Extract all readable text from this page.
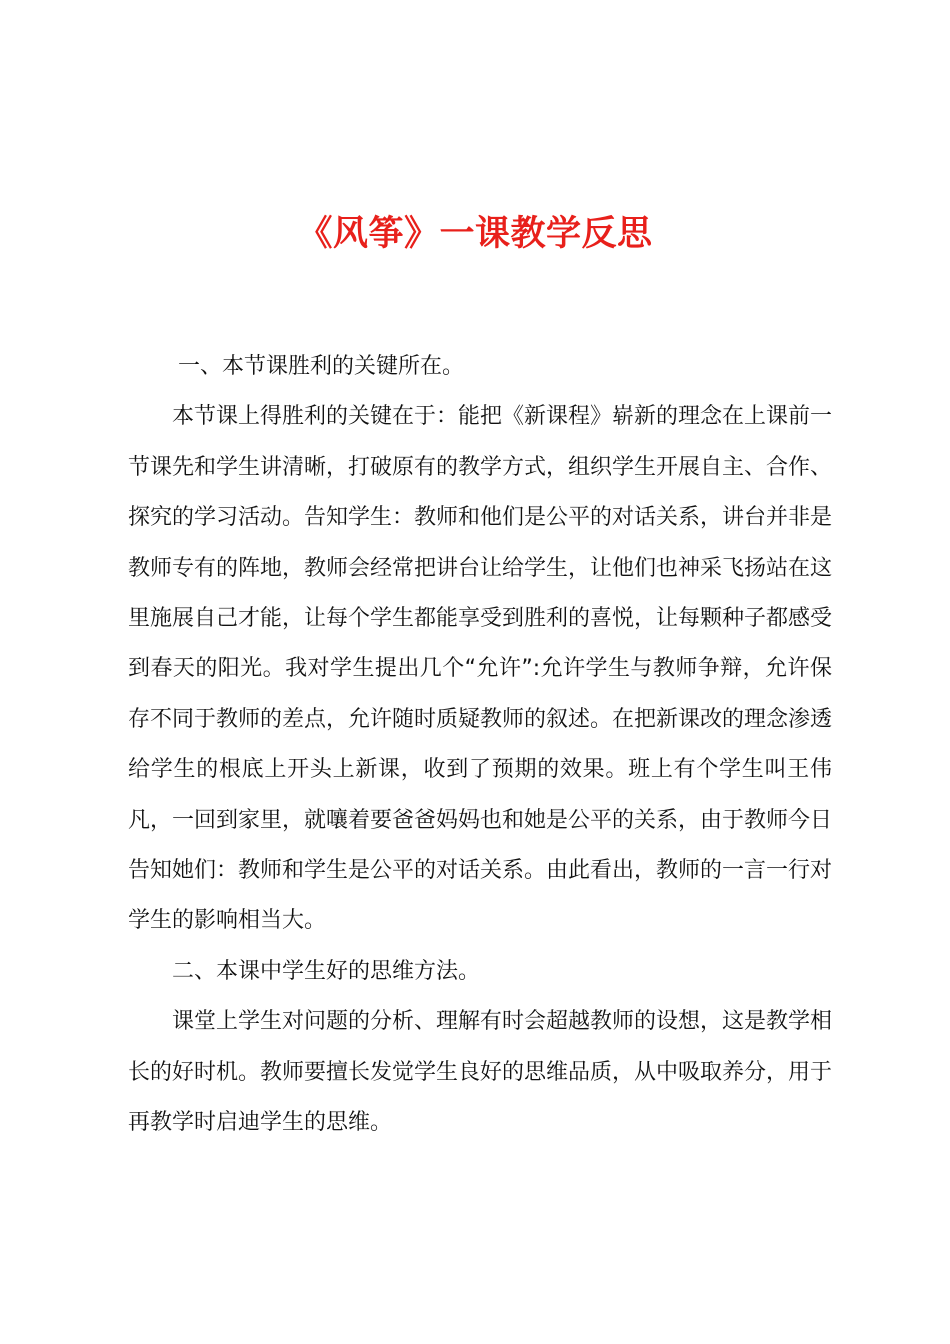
《风筝》一课教学反思

一、本节课胜利的关键所在。

本节课上得胜利的关键在于：能把《新课程》崭新的理念在上课前一节课先和学生讲清晰，打破原有的教学方式，组织学生开展自主、合作、探究的学习活动。告知学生：教师和他们是公平的对话关系，讲台并非是教师专有的阵地，教师会经常把讲台让给学生，让他们也神采飞扬站在这里施展自己才能，让每个学生都能享受到胜利的喜悦，让每颗种子都感受到春天的阳光。我对学生提出几个“允许”:允许学生与教师争辩，允许保存不同于教师的差点，允许随时质疑教师的叙述。在把新课改的理念渗透给学生的根底上开头上新课，收到了预期的效果。班上有个学生叫王伟凡，一回到家里，就嚷着要爸爸妈妈也和她是公平的关系，由于教师今日告知她们：教师和学生是公平的对话关系。由此看出，教师的一言一行对学生的影响相当大。

二、本课中学生好的思维方法。

课堂上学生对问题的分析、理解有时会超越教师的设想，这是教学相长的好时机。教师要擅长发觉学生良好的思维品质，从中吸取养分，用于再教学时启迪学生的思维。
